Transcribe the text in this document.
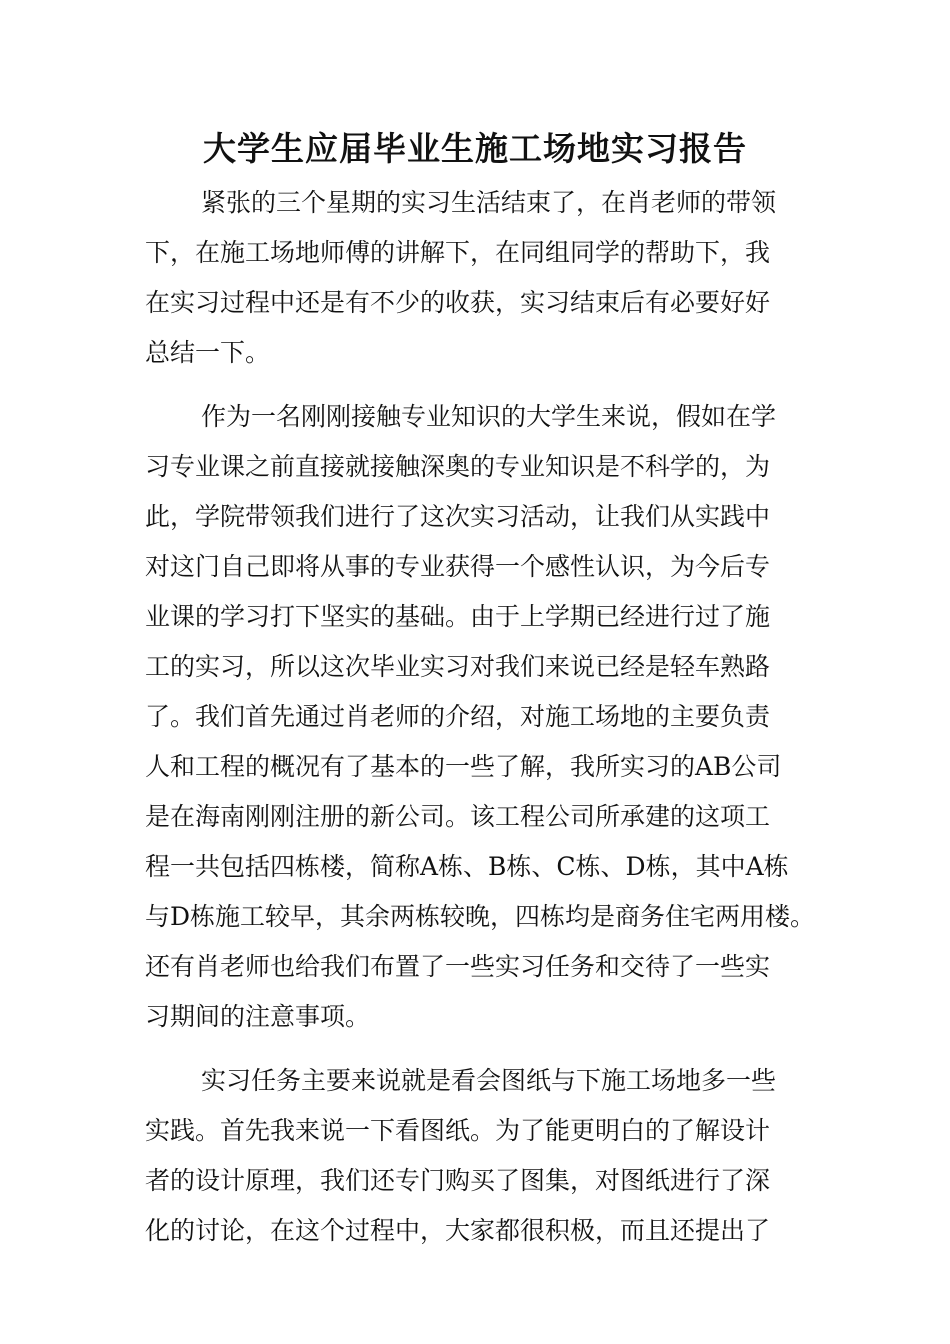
大学生应届毕业生施工场地实习报告
紧张的三个星期的实习生活结束了，在肖老师的带领
下，在施工场地师傅的讲解下，在同组同学的帮助下，我
在实习过程中还是有不少的收获，实习结束后有必要好好
总结一下。
作为一名刚刚接触专业知识的大学生来说，假如在学
习专业课之前直接就接触深奥的专业知识是不科学的，为
此，学院带领我们进行了这次实习活动，让我们从实践中
对这门自己即将从事的专业获得一个感性认识，为今后专
业课的学习打下坚实的基础。由于上学期已经进行过了施
工的实习，所以这次毕业实习对我们来说已经是轻车熟路
了。我们首先通过肖老师的介绍，对施工场地的主要负责
人和工程的概况有了基本的一些了解，我所实习的AB公司
是在海南刚刚注册的新公司。该工程公司所承建的这项工
程一共包括四栋楼，简称A栋、B栋、C栋、D栋，其中A栋
与D栋施工较早，其余两栋较晚，四栋均是商务住宅两用楼。
还有肖老师也给我们布置了一些实习任务和交待了一些实
习期间的注意事项。
实习任务主要来说就是看会图纸与下施工场地多一些
实践。首先我来说一下看图纸。为了能更明白的了解设计
者的设计原理，我们还专门购买了图集，对图纸进行了深
化的讨论，在这个过程中，大家都很积极，而且还提出了
